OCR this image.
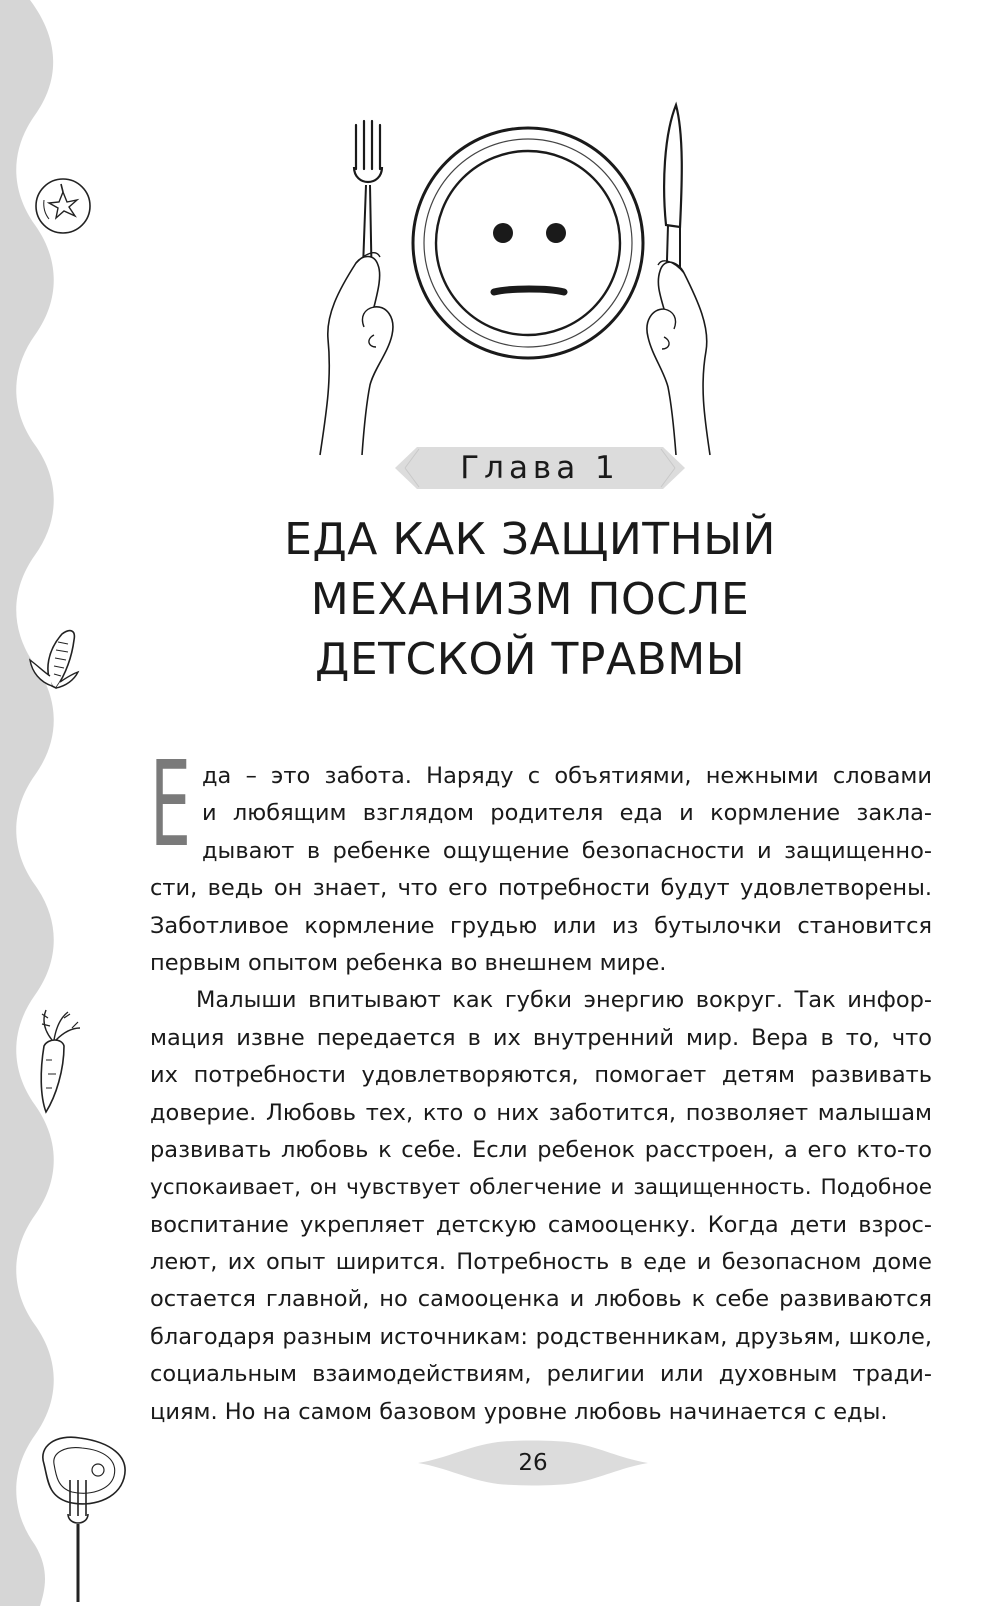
Глава 1
ЕДА КАК ЗАЩИТНЫЙ
МЕХАНИЗМ ПОСЛЕ
ДЕТСКОЙ ТРАВМЫ
Е да – это забота. Наряду с объятиями, нежными словами
и любящим взглядом родителя еда и кормление закла-
дывают в ребенке ощущение безопасности и защищенно-
сти, ведь он знает, что его потребности будут удовлетворены.
Заботливое кормление грудью или из бутылочки становится
первым опытом ребенка во внешнем мире.
Малыши впитывают как губки энергию вокруг. Так инфор-
мация извне передается в их внутренний мир. Вера в то, что
их потребности удовлетворяются, помогает детям развивать
доверие. Любовь тех, кто о них заботится, позволяет малышам
развивать любовь к себе. Если ребенок расстроен, а его кто-то
успокаивает, он чувствует облегчение и защищенность. Подобное
воспитание укрепляет детскую самооценку. Когда дети взрос-
леют, их опыт ширится. Потребность в еде и безопасном доме
остается главной, но самооценка и любовь к себе развиваются
благодаря разным источникам: родственникам, друзьям, школе,
социальным взаимодействиям, религии или духовным тради-
циям. Но на самом базовом уровне любовь начинается с еды.
26
